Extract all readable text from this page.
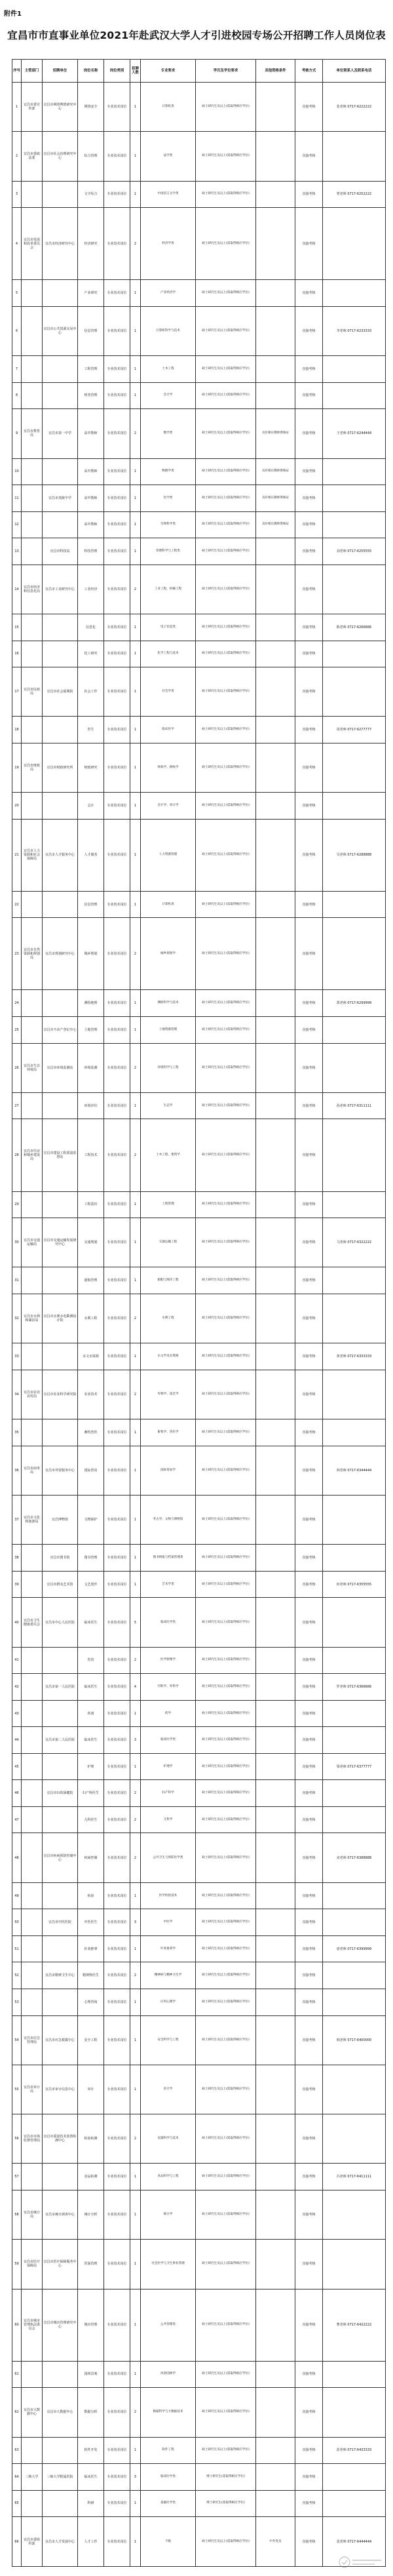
附件1
宜昌市市直事业单位2021年赴武汉大学人才引进校园专场公开招聘工作人员岗位表
序号	主管部门	招聘单位	岗位名称	岗位类别	招聘人数	专业要求	学历及学位要求	其他资格条件	考核方式	单位联系人及联系电话
1	宜昌市委宣传部	宜昌市网络舆情研究中心	网络安全	专业技术岗位	1	计算机类	硕士研究生及以上(需取得相应学位)		直接考核	张老师 0717-6222222
2	宜昌市委政法委	宜昌市社会治理研究中心	综合管理	专业技术岗位	1	法学类	硕士研究生及以上(需取得相应学位)		直接考核	
3			文字综合	专业技术岗位	1	中国语言文学类	硕士研究生及以上(需取得相应学位)		直接考核	曾老师 0717-6252222
4	宜昌市发展和改革委员会	宜昌市经济研究中心	经济研究	专业技术岗位	2	经济学类	硕士研究生及以上(需取得相应学位)		直接考核	
5			产业研究	专业技术岗位	1	产业经济学	硕士研究生及以上(需取得相应学位)		直接考核	
6		宜昌市公共资源交易中心	信息管理	专业技术岗位	1	计算机科学与技术	硕士研究生及以上(需取得相应学位)		直接考核	李老师 0717-6233333
7			工程管理	专业技术岗位	1	土木工程	硕士研究生及以上(需取得相应学位)		直接考核	
8			财务管理	专业技术岗位	1	会计学	硕士研究生及以上(需取得相应学位)		直接考核	
9	宜昌市教育局	宜昌市第一中学	高中教师	专业技术岗位	2	数学类	硕士研究生及以上(需取得相应学位)	具有相应教师资格证	直接考核	王老师 0717-6244444
10			高中教师	专业技术岗位	1	物理学类	硕士研究生及以上(需取得相应学位)	具有相应教师资格证	直接考核	
11		宜昌市夷陵中学	高中教师	专业技术岗位	1	化学类	硕士研究生及以上(需取得相应学位)	具有相应教师资格证	直接考核	
12			高中教师	专业技术岗位	1	生物科学类	硕士研究生及以上(需取得相应学位)	具有相应教师资格证	直接考核	
13		宜昌市科技局	科技管理	专业技术岗位	1	管理科学与工程类	硕士研究生及以上(需取得相应学位)		直接考核	刘老师 0717-6255555
14	宜昌市经济和信息化局	宜昌市工业研究中心	工业经济	专业技术岗位	2	工业工程、机械工程	硕士研究生及以上(需取得相应学位)		直接考核	
15			信息化	专业技术岗位	1	电子信息类	硕士研究生及以上(需取得相应学位)		直接考核	陈老师 0717-6266666
16			化工研究	专业技术岗位	1	化学工程与技术	硕士研究生及以上(需取得相应学位)		直接考核	
17	宜昌市民政局	宜昌市社会福利院	社会工作	专业技术岗位	1	社会学类	硕士研究生及以上(需取得相应学位)		直接考核	
18			医生	专业技术岗位	1	临床医学	硕士研究生及以上(需取得相应学位)		直接考核	周老师 0717-6277777
19	宜昌市财政局	宜昌市财政研究所	财政研究	专业技术岗位	1	财政学、税收学	硕士研究生及以上(需取得相应学位)		直接考核	
20			会计	专业技术岗位	1	会计学、审计学	硕士研究生及以上(需取得相应学位)		直接考核	
21	宜昌市人力资源和社会保障局	宜昌市人才服务中心	人才服务	专业技术岗位	1	人力资源管理	硕士研究生及以上(需取得相应学位)		直接考核	吴老师 0717-6288888
22			信息管理	专业技术岗位	1	计算机类	硕士研究生及以上(需取得相应学位)		直接考核	
23	宜昌市自然资源和规划局	宜昌市规划研究中心	城乡规划	专业技术岗位	2	城乡规划学	硕士研究生及以上(需取得相应学位)		直接考核	
24			测绘地理	专业技术岗位	1	测绘科学与技术	硕士研究生及以上(需取得相应学位)		直接考核	郑老师 0717-6299999
25		宜昌市不动产登记中心	土地管理	专业技术岗位	1	土地资源管理	硕士研究生及以上(需取得相应学位)		直接考核	
26	宜昌市生态环境局	宜昌市环境监测站	环境监测	专业技术岗位	2	环境科学与工程	硕士研究生及以上(需取得相应学位)		直接考核	
27			环境评价	专业技术岗位	1	生态学	硕士研究生及以上(需取得相应学位)		直接考核	孙老师 0717-6311111
28	宜昌市住房和城乡建设局	宜昌市建设工程质量监督站	工程技术	专业技术岗位	2	土木工程、建筑学	硕士研究生及以上(需取得相应学位)		直接考核	
29			工程造价	专业技术岗位	1	工程管理	硕士研究生及以上(需取得相应学位)		直接考核	
30	宜昌市交通运输局	宜昌市交通运输发展研究中心	交通规划	专业技术岗位	1	交通运输工程	硕士研究生及以上(需取得相应学位)		直接考核	马老师 0717-6322222
31			港航管理	专业技术岗位	1	船舶与海洋工程	硕士研究生及以上(需取得相应学位)		直接考核	
32	宜昌市水利和湖泊局	宜昌市水利水电勘测设计院	水利工程	专业技术岗位	2	水利工程	硕士研究生及以上(需取得相应学位)		直接考核	
33			水文水资源	专业技术岗位	1	水文学及水资源	硕士研究生及以上(需取得相应学位)		直接考核	黄老师 0717-6333333
34	宜昌市农业农村局	宜昌市农业科学研究院	农业技术	专业技术岗位	2	作物学、园艺学	硕士研究生及以上(需取得相应学位)		直接考核	
35			畜牧兽医	专业技术岗位	1	畜牧学、兽医学	硕士研究生及以上(需取得相应学位)		直接考核	
36	宜昌市商务局	宜昌市外贸服务中心	国际贸易	专业技术岗位	1	国际贸易学	硕士研究生及以上(需取得相应学位)		直接考核	林老师 0717-6344444
37	宜昌市文化和旅游局	宜昌博物馆	文物保护	专业技术岗位	1	考古学、文物与博物馆	硕士研究生及以上(需取得相应学位)		直接考核	
38		宜昌市图书馆	图书管理	专业技术岗位	1	图书情报与档案管理类	硕士研究生及以上(需取得相应学位)		直接考核	
39		宜昌市群众艺术馆	文艺创作	专业技术岗位	1	艺术学类	硕士研究生及以上(需取得相应学位)		直接考核	何老师 0717-6355555
40	宜昌市卫生健康委员会	宜昌市中心人民医院	临床医生	专业技术岗位	5	临床医学类	硕士研究生及以上(需取得相应学位)		直接考核	
41			医技	专业技术岗位	2	医学影像学	硕士研究生及以上(需取得相应学位)		直接考核	
42		宜昌市第一人民医院	临床医生	专业技术岗位	4	内科学、外科学	硕士研究生及以上(需取得相应学位)		直接考核	罗老师 0717-6366666
43			药剂	专业技术岗位	1	药学	硕士研究生及以上(需取得相应学位)		直接考核	
44		宜昌市第二人民医院	临床医生	专业技术岗位	3	临床医学类	硕士研究生及以上(需取得相应学位)		直接考核	
45			护理	专业技术岗位	1	护理学	硕士研究生及以上(需取得相应学位)		直接考核	梁老师 0717-6377777
46		宜昌市妇幼保健院	妇产科医生	专业技术岗位	2	妇产科学	硕士研究生及以上(需取得相应学位)		直接考核	
47			儿科医生	专业技术岗位	2	儿科学	硕士研究生及以上(需取得相应学位)		直接考核	
48		宜昌市疾病预防控制中心	疾病控制	专业技术岗位	2	公共卫生与预防医学类	硕士研究生及以上(需取得相应学位)		直接考核	宋老师 0717-6388888
49			检验	专业技术岗位	1	医学检验技术	硕士研究生及以上(需取得相应学位)		直接考核	
50		宜昌市中医医院	中医医生	专业技术岗位	3	中医学	硕士研究生及以上(需取得相应学位)		直接考核	
51			针灸推拿	专业技术岗位	1	针灸推拿学	硕士研究生及以上(需取得相应学位)		直接考核	唐老师 0717-6399999
52		宜昌市精神卫生中心	精神科医生	专业技术岗位	2	精神病与精神卫生学	硕士研究生及以上(需取得相应学位)		直接考核	
53			心理咨询	专业技术岗位	1	应用心理学	硕士研究生及以上(需取得相应学位)		直接考核	
54	宜昌市应急管理局	宜昌市应急救援中心	安全工程	专业技术岗位	1	安全科学与工程	硕士研究生及以上(需取得相应学位)		直接考核	韩老师 0717-6400000
55	宜昌市审计局	宜昌市审计信息中心	审计	专业技术岗位	1	审计学	硕士研究生及以上(需取得相应学位)		直接考核	
56	宜昌市市场监督管理局	宜昌市质量技术监督检测中心	检验检测	专业技术岗位	2	仪器科学与技术	硕士研究生及以上(需取得相应学位)		直接考核	
57			食品检测	专业技术岗位	1	食品科学与工程	硕士研究生及以上(需取得相应学位)		直接考核	冯老师 0717-6411111
58	宜昌市统计局	宜昌市统计调查中心	统计分析	专业技术岗位	1	统计学	硕士研究生及以上(需取得相应学位)		直接考核	
59	宜昌市医疗保障局	宜昌市医疗保障服务中心	医保管理	专业技术岗位	1	社会医学与卫生事业管理	硕士研究生及以上(需取得相应学位)		直接考核	
60	宜昌市城市管理执法委员会	宜昌市城市管理研究中心	城市管理	专业技术岗位	1	公共管理类	硕士研究生及以上(需取得相应学位)		直接考核	曹老师 0717-6422222
61			园林景观	专业技术岗位	1	风景园林学	硕士研究生及以上(需取得相应学位)		直接考核	
62	宜昌市大数据中心	宜昌市大数据中心	数据分析	专业技术岗位	2	数据科学与大数据技术	硕士研究生及以上(需取得相应学位)		直接考核	
63			软件开发	专业技术岗位	1	软件工程	硕士研究生及以上(需取得相应学位)		直接考核	彭老师 0717-6433333
64	三峡大学	三峡大学附属医院	临床医生	专业技术岗位	3	临床医学类	博士研究生(需取得相应学位)		直接考核	
65			科研	专业技术岗位	1	基础医学类	博士研究生(需取得相应学位)		直接考核	
66	宜昌市委组织部	宜昌市人才发展中心	人才工作	专业技术岗位	1	不限	硕士研究生及以上(需取得相应学位)	中共党员	直接考核	袁老师 0717-6444444
